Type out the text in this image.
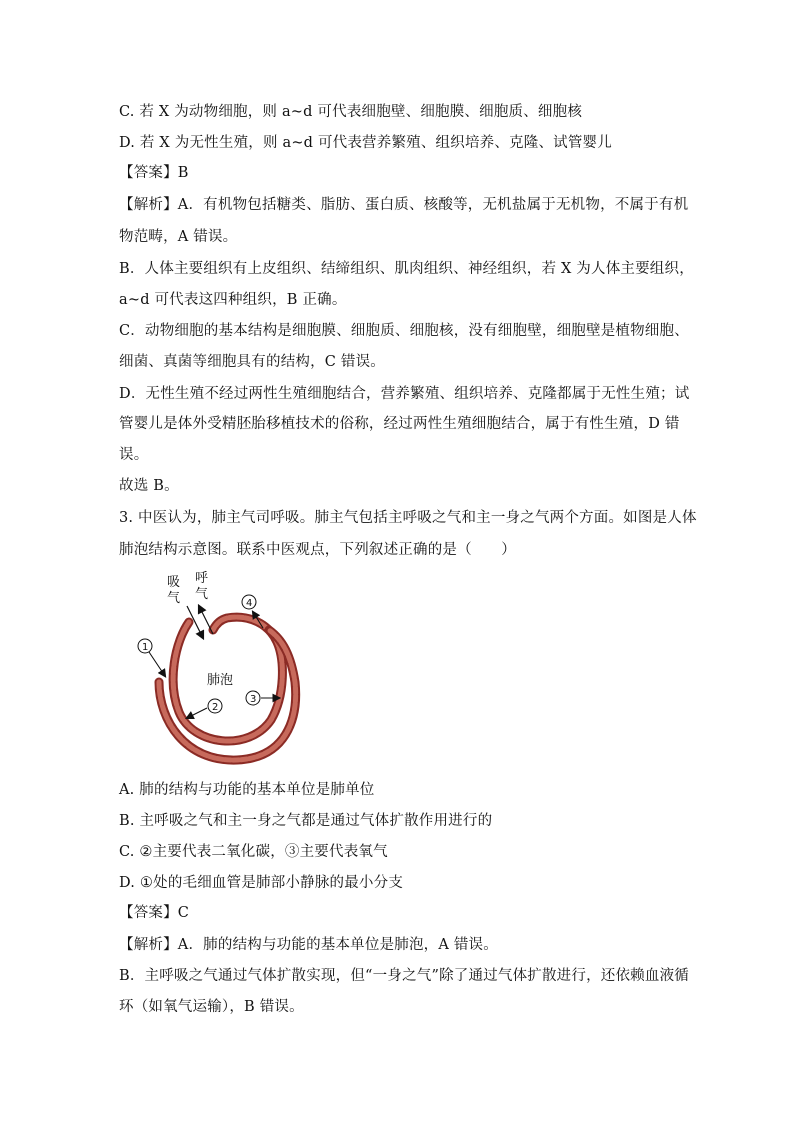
C. 若 X 为动物细胞，则 a~d 可代表细胞壁、细胞膜、细胞质、细胞核
D. 若 X 为无性生殖，则 a~d 可代表营养繁殖、组织培养、克隆、试管婴儿
【答案】B
【解析】A．有机物包括糖类、脂肪、蛋白质、核酸等，无机盐属于无机物，不属于有机
物范畴，A 错误。
B．人体主要组织有上皮组织、结缔组织、肌肉组织、神经组织，若 X 为人体主要组织，
a~d 可代表这四种组织，B 正确。
C．动物细胞的基本结构是细胞膜、细胞质、细胞核，没有细胞壁，细胞壁是植物细胞、
细菌、真菌等细胞具有的结构，C 错误。
D．无性生殖不经过两性生殖细胞结合，营养繁殖、组织培养、克隆都属于无性生殖；试
管婴儿是体外受精胚胎移植技术的俗称，经过两性生殖细胞结合，属于有性生殖，D 错
误。
故选 B。
3. 中医认为，肺主气司呼吸。肺主气包括主呼吸之气和主一身之气两个方面。如图是人体
肺泡结构示意图。联系中医观点，下列叙述正确的是（　　）
吸
气
呼
气
肺泡
1
2
3
4
A. 肺的结构与功能的基本单位是肺单位
B. 主呼吸之气和主一身之气都是通过气体扩散作用进行的
C. ②主要代表二氧化碳，③主要代表氧气
D. ①处的毛细血管是肺部小静脉的最小分支
【答案】C
【解析】A．肺的结构与功能的基本单位是肺泡，A 错误。
B．主呼吸之气通过气体扩散实现，但“一身之气”除了通过气体扩散进行，还依赖血液循
环（如氧气运输），B 错误。
